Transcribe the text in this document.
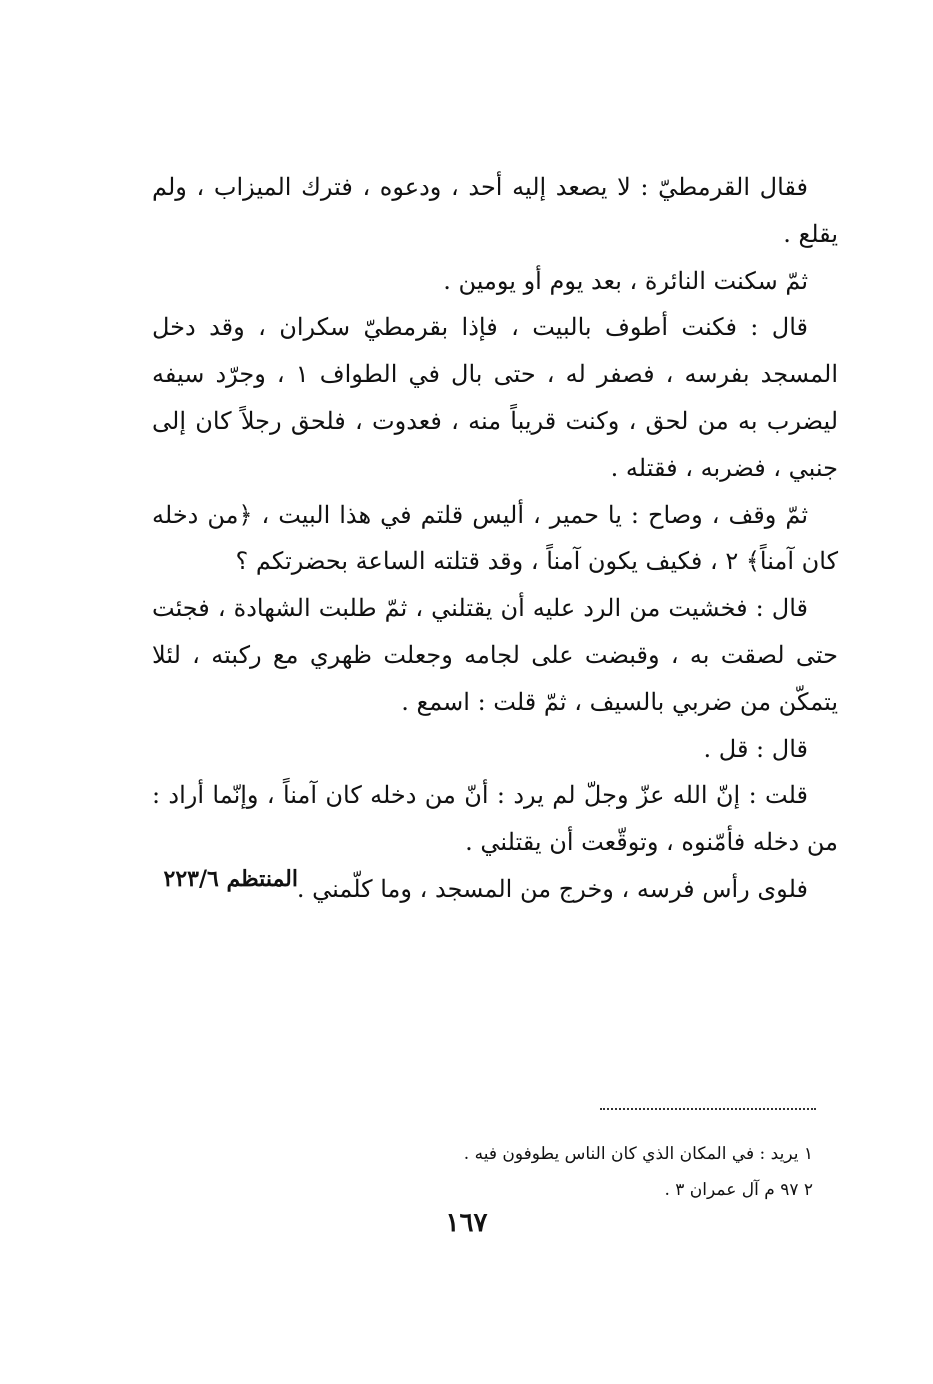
فقال القرمطيّ : لا يصعد إليه أحد ، ودعوه ، فترك الميزاب ، ولم يقلع .

ثمّ سكنت النائرة ، بعد يوم أو يومين .

قال : فكنت أطوف بالبيت ، فإذا بقرمطيّ سكران ، وقد دخل المسجد بفرسه ، فصفر له ، حتى بال في الطواف ١ ، وجرّد سيفه ليضرب به من لحق ، وكنت قريباً منه ، فعدوت ، فلحق رجلاً كان إلى جنبي ، فضربه ، فقتله .

ثمّ وقف ، وصاح : يا حمير ، أليس قلتم في هذا البيت ، ﴿من دخله كان آمناً﴾ ٢ ، فكيف يكون آمناً ، وقد قتلته الساعة بحضرتكم ؟

قال : فخشيت من الرد عليه أن يقتلني ، ثمّ طلبت الشهادة ، فجئت حتى لصقت به ، وقبضت على لجامه وجعلت ظهري مع ركبته ، لئلا يتمكّن من ضربي بالسيف ، ثمّ قلت : اسمع .

قال : قل .

قلت : إنّ الله عزّ وجلّ لم يرد : أنّ من دخله كان آمناً ، وإنّما أراد : من دخله فأمّنوه ، وتوقّعت أن يقتلني .

فلوى رأس فرسه ، وخرج من المسجد ، وما كلّمني .

المنتظم ٢٢٣/٦

١ يريد : في المكان الذي كان الناس يطوفون فيه .

٢ ٩٧ م آل عمران ٣ .

١٦٧
